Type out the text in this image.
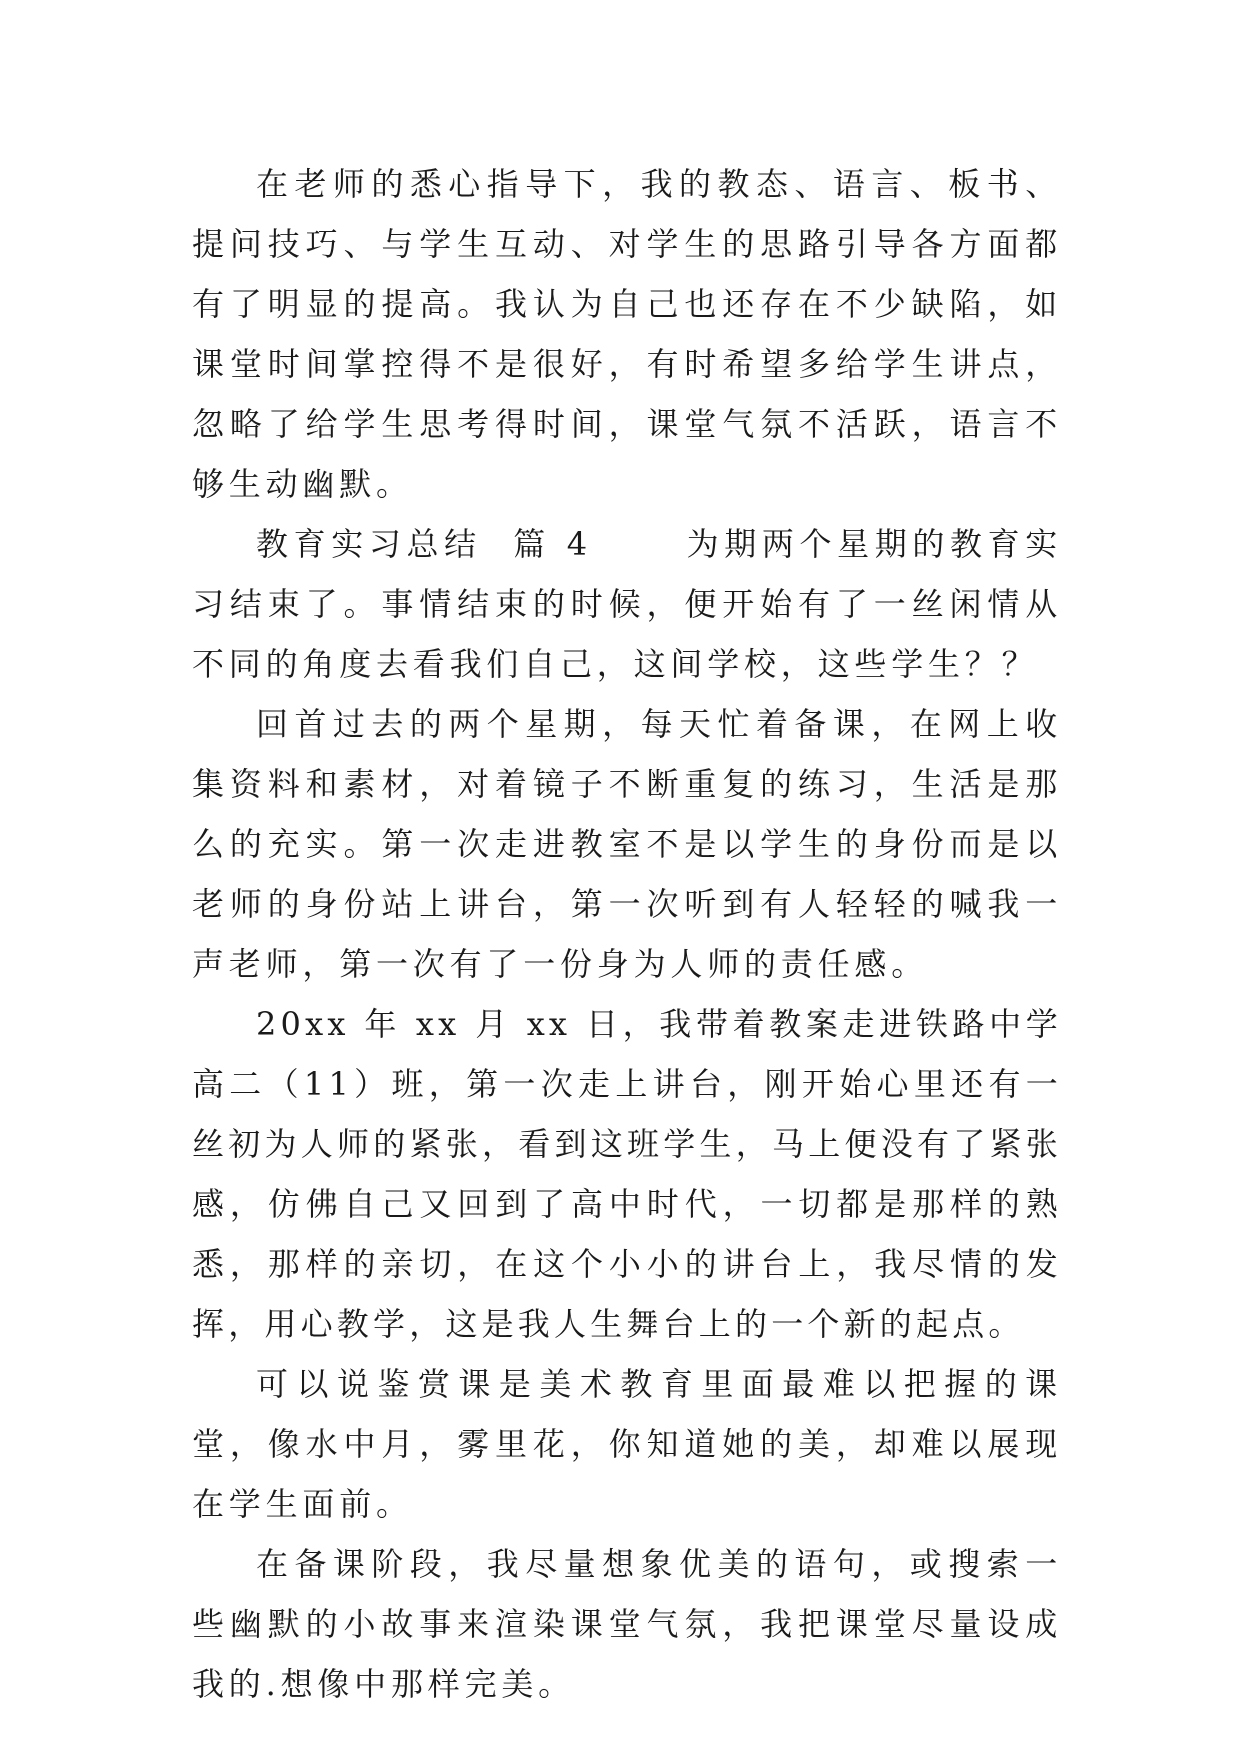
在老师的悉心指导下，我的教态、语言、板书、提问技巧、与学生互动、对学生的思路引导各方面都有了明显的提高。我认为自己也还存在不少缺陷，如课堂时间掌控得不是很好，有时希望多给学生讲点，忽略了给学生思考得时间，课堂气氛不活跃，语言不够生动幽默。

教育实习总结  篇 4      为期两个星期的教育实习结束了。事情结束的时候，便开始有了一丝闲情从不同的角度去看我们自己，这间学校，这些学生？？

回首过去的两个星期，每天忙着备课，在网上收集资料和素材，对着镜子不断重复的练习，生活是那么的充实。第一次走进教室不是以学生的身份而是以老师的身份站上讲台，第一次听到有人轻轻的喊我一声老师，第一次有了一份身为人师的责任感。

20xx 年 xx 月 xx 日，我带着教案走进铁路中学高二（11）班，第一次走上讲台，刚开始心里还有一丝初为人师的紧张，看到这班学生，马上便没有了紧张感，仿佛自己又回到了高中时代，一切都是那样的熟悉，那样的亲切，在这个小小的讲台上，我尽情的发挥，用心教学，这是我人生舞台上的一个新的起点。

可以说鉴赏课是美术教育里面最难以把握的课堂，像水中月，雾里花，你知道她的美，却难以展现在学生面前。

在备课阶段，我尽量想象优美的语句，或搜索一些幽默的小故事来渲染课堂气氛，我把课堂尽量设成我的.想像中那样完美。
